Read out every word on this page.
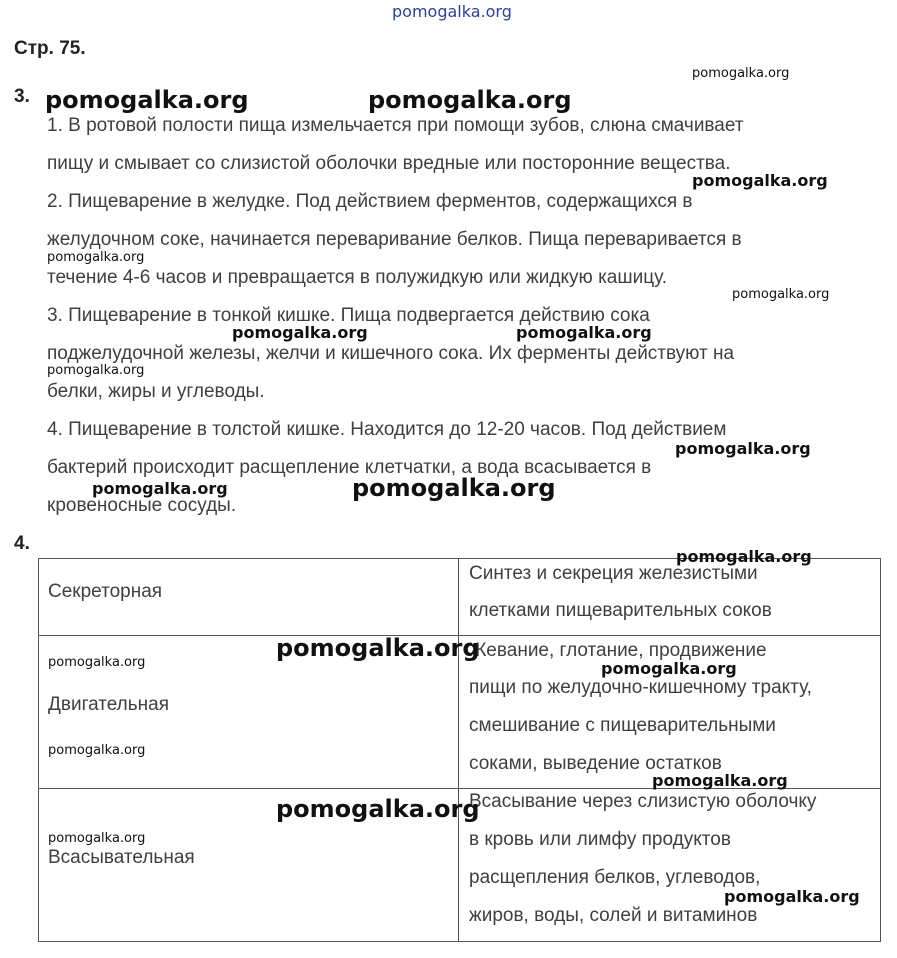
pomogalka.org
Стр. 75.
3.
1. В ротовой полости пища измельчается при помощи зубов, слюна смачивает
пищу и смывает со слизистой оболочки вредные или посторонние вещества.
2. Пищеварение в желудке. Под действием ферментов, содержащихся в
желудочном соке, начинается переваривание белков. Пища переваривается в
течение 4-6 часов и превращается в полужидкую или жидкую кашицу.
3. Пищеварение в тонкой кишке. Пища подвергается действию сока
поджелудочной железы, желчи и кишечного сока. Их ферменты действуют на
белки, жиры и углеводы.
4. Пищеварение в толстой кишке. Находится до 12-20 часов. Под действием
бактерий происходит расщепление клетчатки, а вода всасывается в
кровеносные сосуды.
4.
Секреторная	Синтез и секреция железистыми
клетками пищеварительных соков

Двигательная	Жевание, глотание, продвижение
пищи по желудочно-кишечному тракту,
смешивание с пищеварительными
соками, выведение остатков

Всасывательная	Всасывание через слизистую оболочку
в кровь или лимфу продуктов
расщепления белков, углеводов,
жиров, воды, солей и витаминов
pomogalka.org
pomogalka.org	pomogalka.org
pomogalka.org
pomogalka.org
pomogalka.org
pomogalka.org	pomogalka.org
pomogalka.org
pomogalka.org
pomogalka.org	pomogalka.org
pomogalka.org
pomogalka.org
pomogalka.org	pomogalka.org
pomogalka.org
pomogalka.org
pomogalka.org
pomogalka.org
pomogalka.org
